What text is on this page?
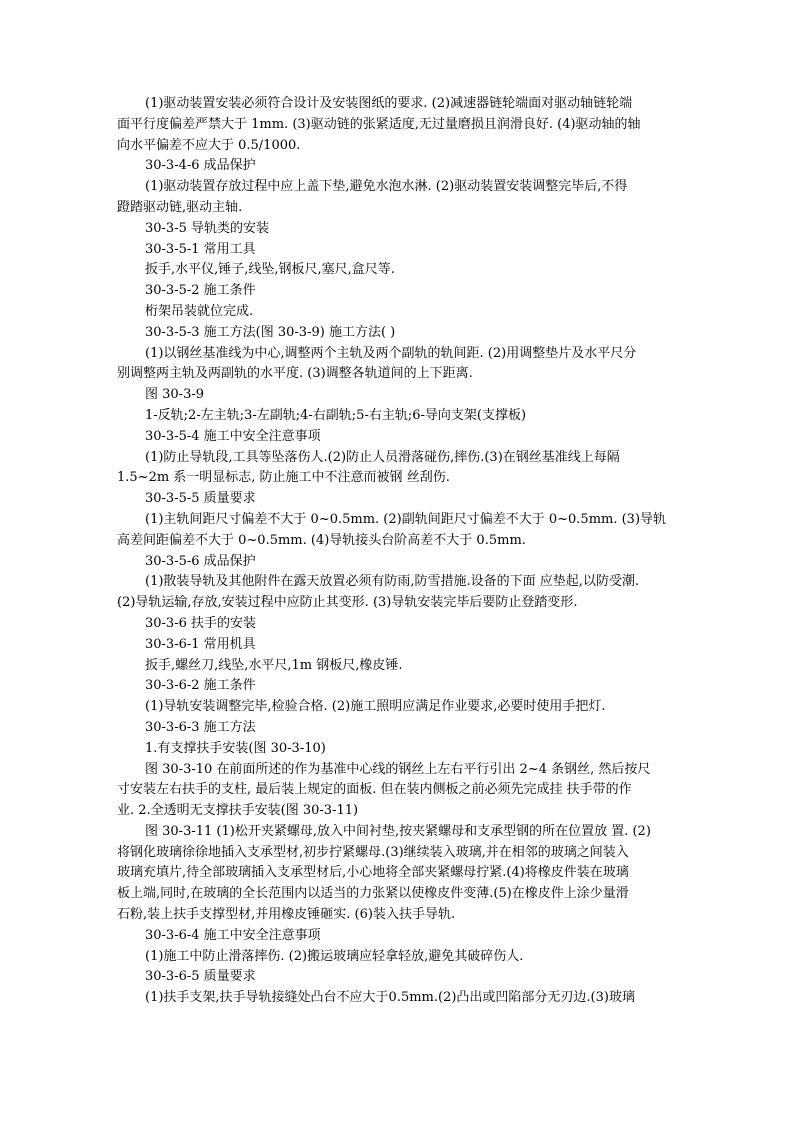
(1)驱动装置安装必须符合设计及安装图纸的要求. (2)减速器链轮端面对驱动轴链轮端
面平行度偏差严禁大于 1mm. (3)驱动链的张紧适度,无过量磨损且润滑良好. (4)驱动轴的轴
向水平偏差不应大于 0.5/1000.
30-3-4-6 成品保护
(1)驱动装置存放过程中应上盖下垫,避免水泡水淋. (2)驱动装置安装调整完毕后,不得
蹬踏驱动链,驱动主轴.
30-3-5 导轨类的安装
30-3-5-1 常用工具
扳手,水平仪,锤子,线坠,钢板尺,塞尺,盒尺等.
30-3-5-2 施工条件
桁架吊装就位完成.
30-3-5-3 施工方法(图 30-3-9) 施工方法( )
(1)以钢丝基准线为中心,调整两个主轨及两个副轨的轨间距. (2)用调整垫片及水平尺分
别调整两主轨及两副轨的水平度. (3)调整各轨道间的上下距离.
图 30-3-9
1-反轨;2-左主轨;3-左副轨;4-右副轨;5-右主轨;6-导向支架(支撑板)
30-3-5-4 施工中安全注意事项
(1)防止导轨段,工具等坠落伤人.(2)防止人员滑落碰伤,摔伤.(3)在钢丝基准线上每隔
1.5~2m 系一明显标志, 防止施工中不注意而被钢 丝刮伤.
30-3-5-5 质量要求
(1)主轨间距尺寸偏差不大于 0~0.5mm. (2)副轨间距尺寸偏差不大于 0~0.5mm. (3)导轨
高差间距偏差不大于 0~0.5mm. (4)导轨接头台阶高差不大于 0.5mm.
30-3-5-6 成品保护
(1)散装导轨及其他附件在露天放置必须有防雨,防雪措施.设备的下面 应垫起,以防受潮.
(2)导轨运输,存放,安装过程中应防止其变形. (3)导轨安装完毕后要防止登踏变形.
30-3-6 扶手的安装
30-3-6-1 常用机具
扳手,螺丝刀,线坠,水平尺,1m 钢板尺,橡皮锤.
30-3-6-2 施工条件
(1)导轨安装调整完毕,检验合格. (2)施工照明应满足作业要求,必要时使用手把灯.
30-3-6-3 施工方法
1.有支撑扶手安装(图 30-3-10)
图 30-3-10 在前面所述的作为基准中心线的钢丝上左右平行引出 2~4 条钢丝, 然后按尺
寸安装左右扶手的支柱, 最后装上规定的面板. 但在装内侧板之前必须先完成挂 扶手带的作
业. 2.全透明无支撑扶手安装(图 30-3-11)
图 30-3-11 (1)松开夹紧螺母,放入中间衬垫,按夹紧螺母和支承型钢的所在位置放 置. (2)
将钢化玻璃徐徐地插入支承型材,初步拧紧螺母.(3)继续装入玻璃,并在相邻的玻璃之间装入
玻璃充填片,待全部玻璃插入支承型材后,小心地将全部夹紧螺母拧紧.(4)将橡皮件装在玻璃
板上端,同时,在玻璃的全长范围内以适当的力张紧以使橡皮件变薄.(5)在橡皮件上涂少量滑
石粉,装上扶手支撑型材,并用橡皮锤砸实. (6)装入扶手导轨.
30-3-6-4 施工中安全注意事项
(1)施工中防止滑落摔伤. (2)搬运玻璃应轻拿轻放,避免其破碎伤人.
30-3-6-5 质量要求
(1)扶手支架,扶手导轨接缝处凸台不应大于0.5mm.(2)凸出或凹陷部分无刃边.(3)玻璃
